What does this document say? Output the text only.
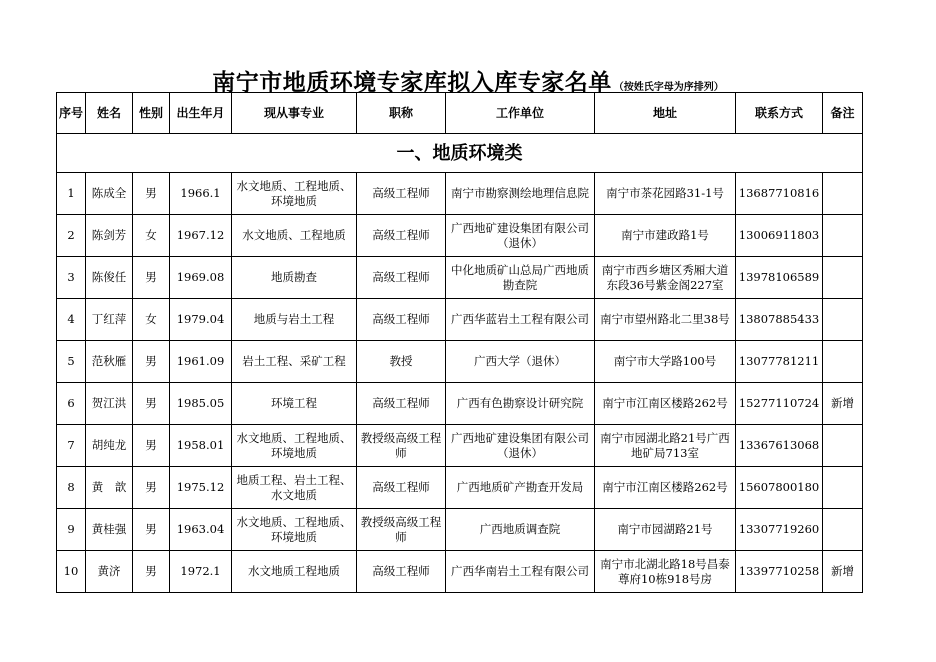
南宁市地质环境专家库拟入库专家名单 （按姓氏字母为序排列）
序号	姓名	性别	出生年月	现从事专业	职称	工作单位	地址	联系方式	备注
一、地质环境类									
1	陈成全	男	1966.1	水文地质、工程地质、环境地质	高级工程师	南宁市勘察测绘地理信息院	南宁市茶花园路31-1号	13687710816	
2	陈剑芳	女	1967.12	水文地质、工程地质	高级工程师	广西地矿建设集团有限公司（退休）	南宁市建政路1号	13006911803	
3	陈俊任	男	1969.08	地质勘查	高级工程师	中化地质矿山总局广西地质勘查院	南宁市西乡塘区秀厢大道东段36号紫金阁227室	13978106589	
4	丁红萍	女	1979.04	地质与岩土工程	高级工程师	广西华蓝岩土工程有限公司	南宁市望州路北二里38号	13807885433	
5	范秋雁	男	1961.09	岩土工程、采矿工程	教授	广西大学（退休）	南宁市大学路100号	13077781211	
6	贺江洪	男	1985.05	环境工程	高级工程师	广西有色勘察设计研究院	南宁市江南区楼路262号	15277110724	新增
7	胡纯龙	男	1958.01	水文地质、工程地质、环境地质	教授级高级工程师	广西地矿建设集团有限公司（退休）	南宁市园湖北路21号广西地矿局713室	13367613068	
8	黄　歆	男	1975.12	地质工程、岩土工程、水文地质	高级工程师	广西地质矿产勘查开发局	南宁市江南区楼路262号	15607800180	
9	黄桂强	男	1963.04	水文地质、工程地质、环境地质	教授级高级工程师	广西地质调查院	南宁市园湖路21号	13307719260	
10	黄济	男	1972.1	水文地质工程地质	高级工程师	广西华南岩土工程有限公司	南宁市北湖北路18号昌泰尊府10栋918号房	13397710258	新增
